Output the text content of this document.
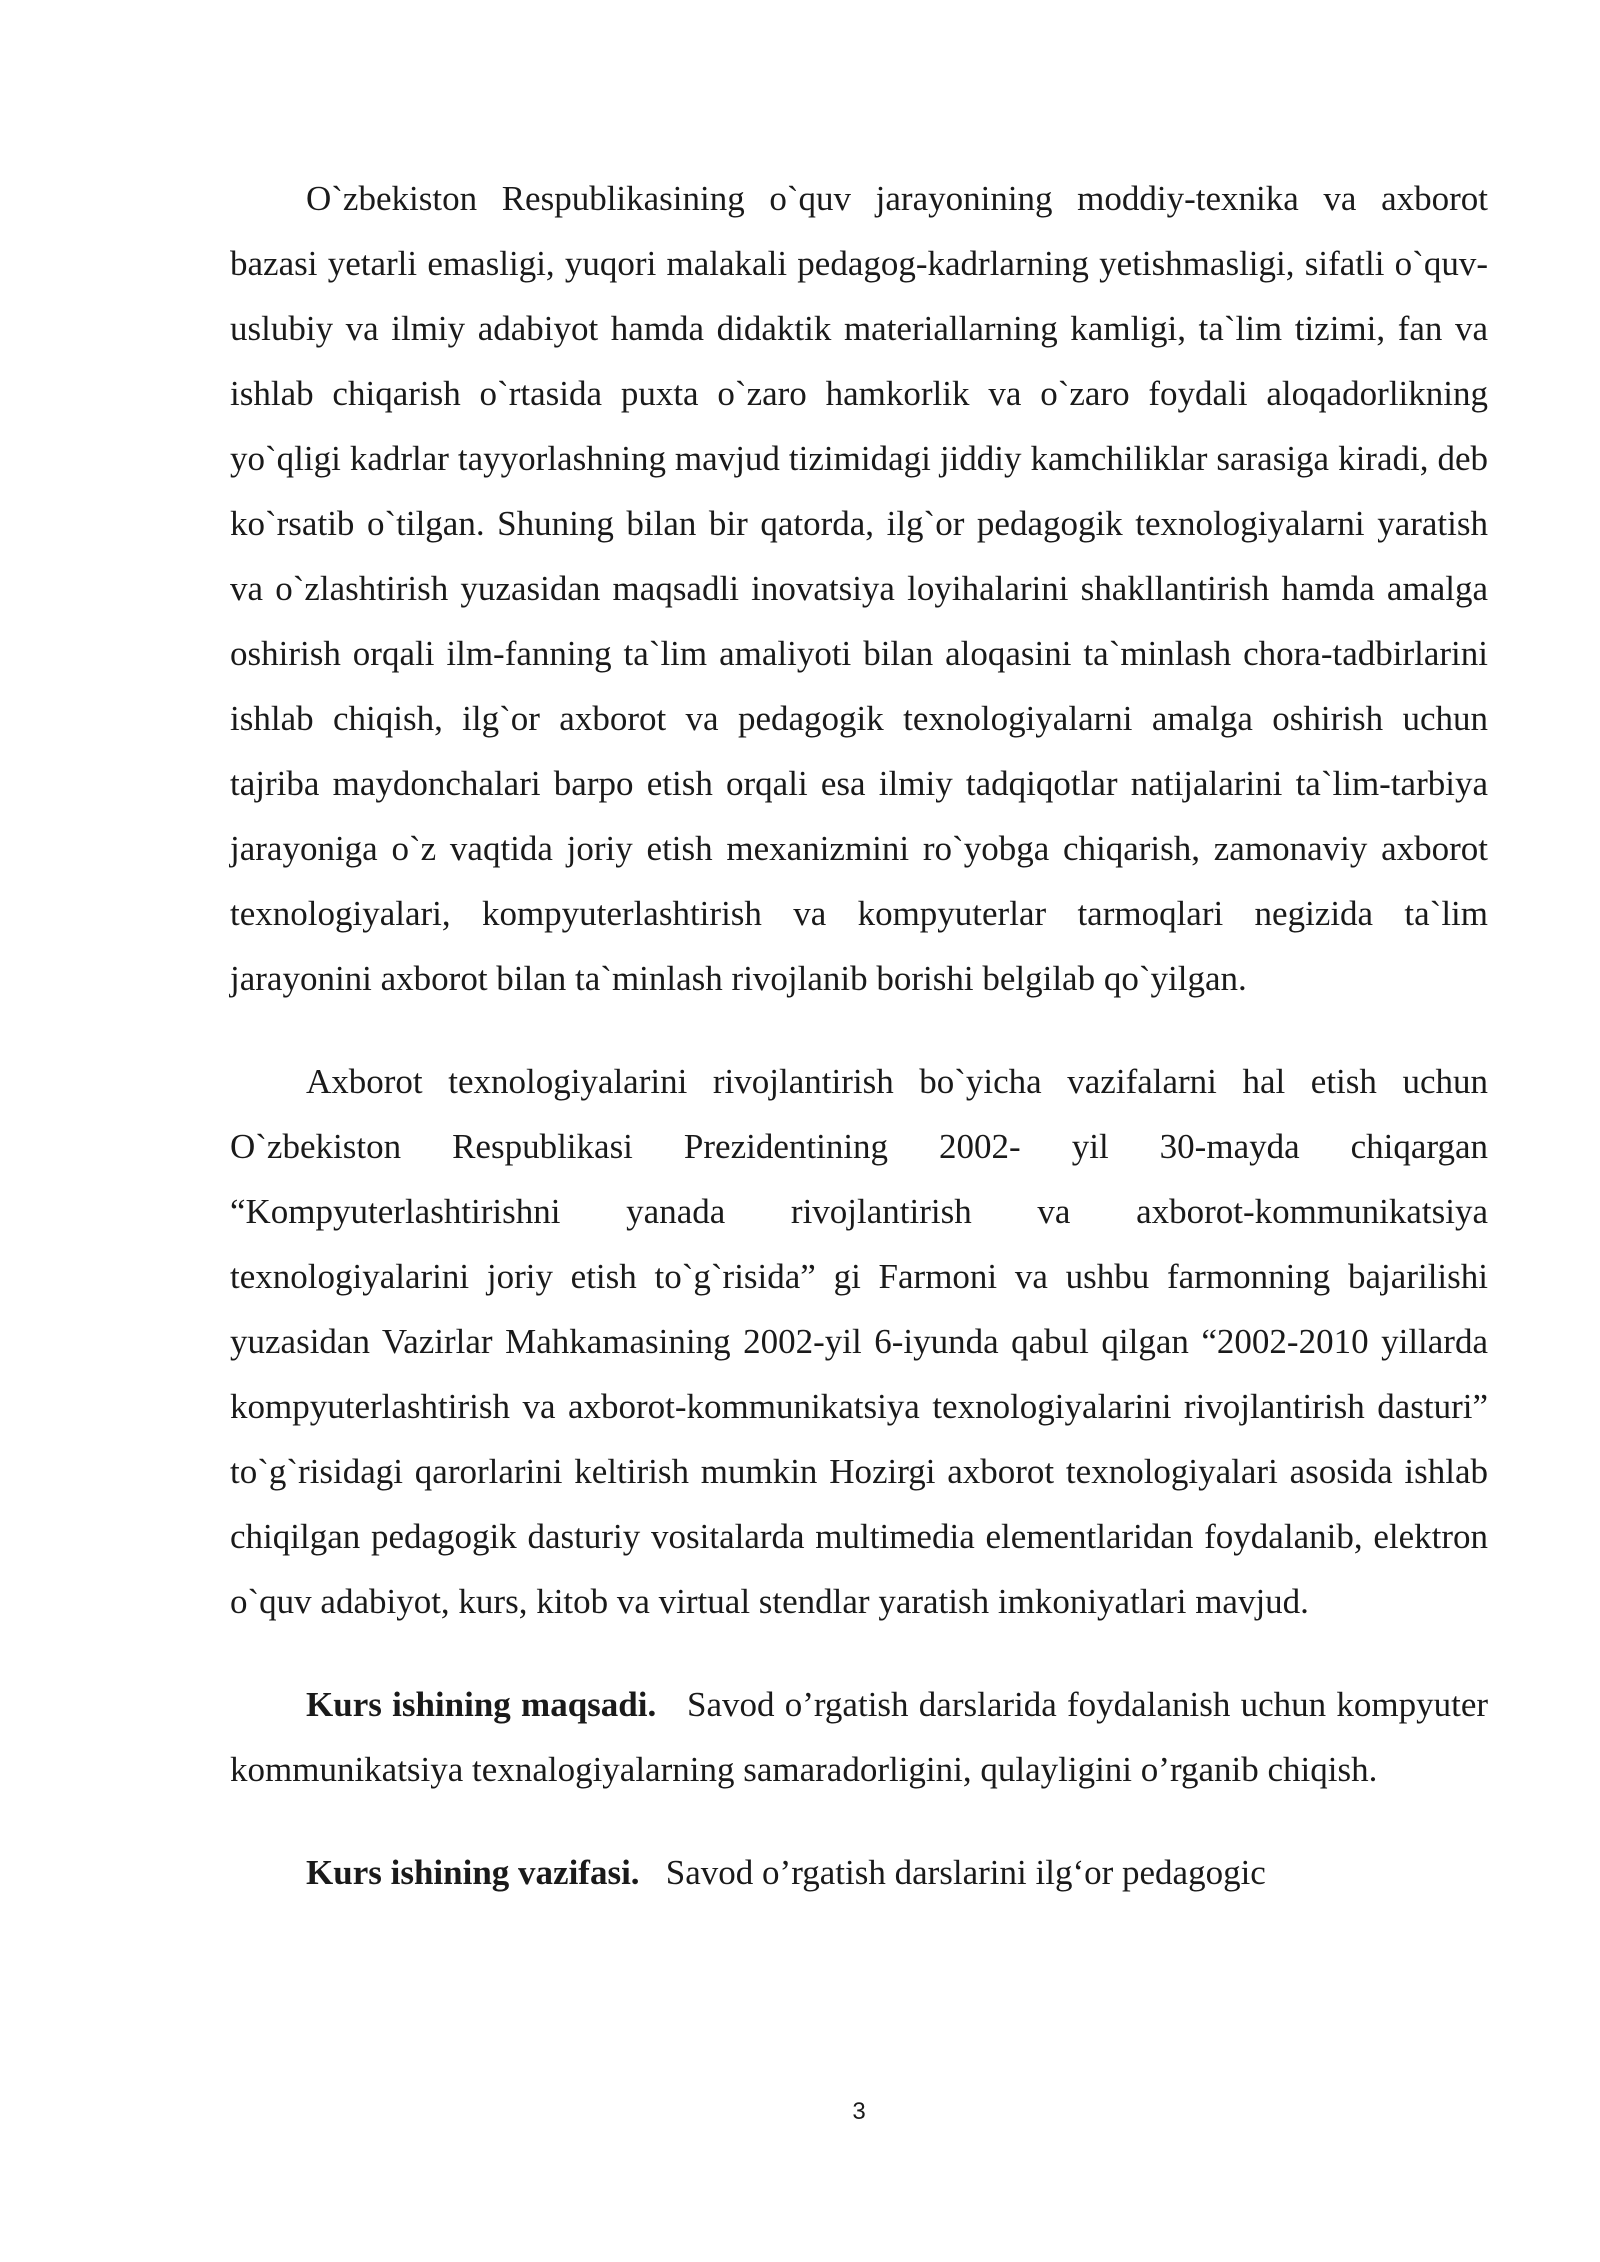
O`zbekiston Respublikasining o`quv jarayonining moddiy-texnika va axborot bazasi yetarli emasligi, yuqori malakali pedagog-kadrlarning yetishmasligi, sifatli o`quv-uslubiy va ilmiy adabiyot hamda didaktik materiallarning kamligi, ta`lim tizimi, fan va ishlab chiqarish o`rtasida puxta o`zaro hamkorlik va o`zaro foydali aloqadorlikning yo`qligi kadrlar tayyorlashning mavjud tizimidagi jiddiy kamchiliklar sarasiga kiradi, deb ko`rsatib o`tilgan. Shuning bilan bir qatorda, ilg`or pedagogik texnologiyalarni yaratish va o`zlashtirish yuzasidan maqsadli inovatsiya loyihalarini shakllantirish hamda amalga oshirish orqali ilm-fanning ta`lim amaliyoti bilan aloqasini ta`minlash chora-tadbirlarini ishlab chiqish, ilg`or axborot va pedagogik texnologiyalarni amalga oshirish uchun tajriba maydonchalari barpo etish orqali esa ilmiy tadqiqotlar natijalarini ta`lim-tarbiya jarayoniga o`z vaqtida joriy etish mexanizmini ro`yobga chiqarish, zamonaviy axborot texnologiyalari, kompyuterlashtirish va kompyuterlar tarmoqlari negizida ta`lim jarayonini axborot bilan ta`minlash rivojlanib borishi belgilab qo`yilgan.

Axborot texnologiyalarini rivojlantirish bo`yicha vazifalarni hal etish uchun O`zbekiston Respublikasi Prezidentining 2002- yil 30-mayda chiqargan “Kompyuterlashtirishni yanada rivojlantirish va axborot-kommunikatsiya texnologiyalarini joriy etish to`g`risida” gi Farmoni va ushbu farmonning bajarilishi yuzasidan Vazirlar Mahkamasining 2002-yil 6-iyunda qabul qilgan “2002-2010 yillarda kompyuterlashtirish va axborot-kommunikatsiya texnologiyalarini rivojlantirish dasturi” to`g`risidagi qarorlarini keltirish mumkin Hozirgi axborot texnologiyalari asosida ishlab chiqilgan pedagogik dasturiy vositalarda multimedia elementlaridan foydalanib, elektron o`quv adabiyot, kurs, kitob va virtual stendlar yaratish imkoniyatlari mavjud.

Kurs ishining maqsadi. Savod o’rgatish darslarida foydalanish uchun kompyuter kommunikatsiya texnalogiyalarning samaradorligini, qulayligini o’rganib chiqish.

Kurs ishining vazifasi. Savod o’rgatish darslarini ilg‘or pedagogic

3
